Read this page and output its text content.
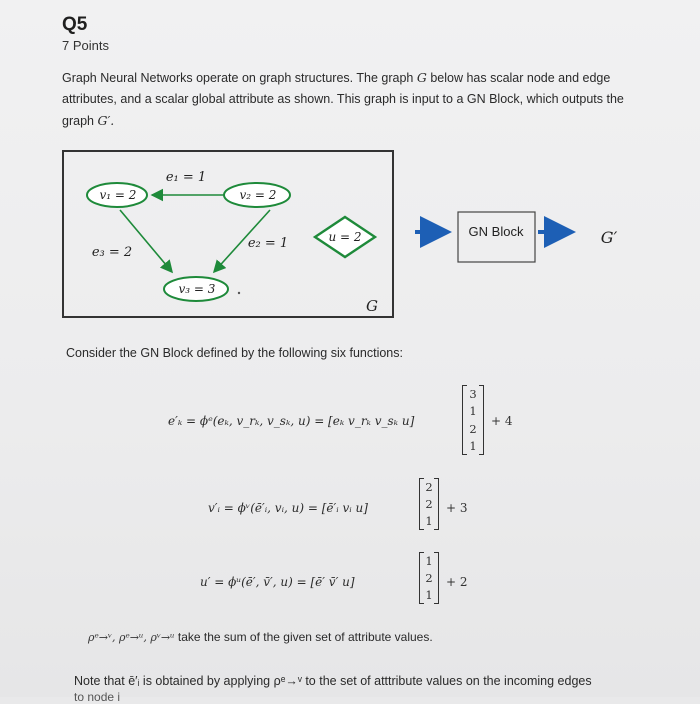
Q5
7 Points
Graph Neural Networks operate on graph structures. The graph G below has scalar node and edge attributes, and a scalar global attribute as shown. This graph is input to a GN Block, which outputs the graph G′.
v₁ = 2	v₂ = 2
v₃ = 3
e₁ = 1
e₂ = 1
e₃ = 2
u = 2
G
GN Block	G′
Consider the GN Block defined by the following six functions:
e′ₖ = ϕᵉ(eₖ, v_rₖ, v_sₖ, u) = [eₖ v_rₖ v_sₖ u]
3
1
2
1
+ 4
v′ᵢ = ϕᵛ(ē′ᵢ, vᵢ, u) = [ē′ᵢ vᵢ u]
2
2
1
+ 3
u′ = ϕᵘ(ē′, v̄′, u) = [ē′ v̄′ u]
1
2
1
+ 2
ρᵉ→ᵛ, ρᵉ→ᵘ, ρᵛ→ᵘ take the sum of the given set of attribute values.
Note that ē′ᵢ is obtained by applying ρᵉ→ᵛ to the set of atttribute values on the incoming edges
to node i
